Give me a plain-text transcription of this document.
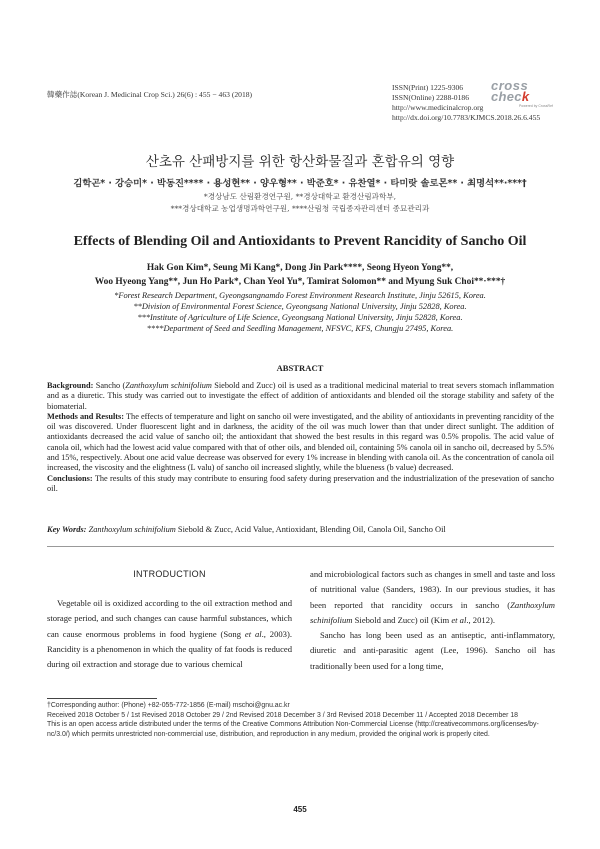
韓藥作誌(Korean J. Medicinal Crop Sci.) 26(6) : 455 − 463 (2018)
ISSN(Print) 1225-9306
ISSN(Online) 2288-0186
http://www.medicinalcrop.org
http://dx.doi.org/10.7783/KJMCS.2018.26.6.455
cross
check
Powered by CrossRef
산초유 산패방지를 위한 항산화물질과 혼합유의 영향
김학곤* · 강승미* · 박동진**** · 용성현** · 양우형** · 박준호* · 유찬열* · 타미랏 솔로몬** · 최명석**·***†
*경상남도 산림환경연구원, **경상대학교 환경산림과학부,
***경상대학교 농업생명과학연구원, ****산림청 국립종자관리센터 종묘관리과
Effects of Blending Oil and Antioxidants to Prevent Rancidity of Sancho Oil
Hak Gon Kim*, Seung Mi Kang*, Dong Jin Park****, Seong Hyeon Yong**,
Woo Hyeong Yang**, Jun Ho Park*, Chan Yeol Yu*, Tamirat Solomon** and Myung Suk Choi**·***†
*Forest Research Department, Gyeongsangnamdo Forest Environment Research Institute, Jinju 52615, Korea.
**Division of Environmental Forest Science, Gyeongsang National University, Jinju 52828, Korea.
***Institute of Agriculture of Life Science, Gyeongsang National University, Jinju 52828, Korea.
****Department of Seed and Seedling Management, NFSVC, KFS, Chungju 27495, Korea.
ABSTRACT

Background: Sancho (Zanthoxylum schinifolium Siebold and Zucc) oil is used as a traditional medicinal material to treat severs stomach inflammation and as a diuretic. This study was carried out to investigate the effect of addition of antioxidants and blended oil the storage stability and safety of the biomaterial.

Methods and Results: The effects of temperature and light on sancho oil were investigated, and the ability of antioxidants in preventing rancidity of the oil was discovered. Under fluorescent light and in darkness, the acidity of the oil was much lower than that under direct sunlight. The addition of antioxidants decreased the acid value of sancho oil; the antioxidant that showed the best results in this regard was 0.5% propolis. The acid value of canola oil, which had the lowest acid value compared with that of other oils, and blended oil, containing 5% canola oil in sancho oil, decreased by 5.5% and 15%, respectively. About one acid value decrease was observed for every 1% increase in blending with canola oil. As the concentration of canola oil increased, the viscosity and the elightness (L valu) of sancho oil increased slightly, while the blueness (b value) decreased.

Conclusions: The results of this study may contribute to ensuring food safety during preservation and the industrialization of the presevation of sancho oil.

Key Words: Zanthoxylum schinifolium Siebold & Zucc, Acid Value, Antioxidant, Blending Oil, Canola Oil, Sancho Oil
INTRODUCTION

Vegetable oil is oxidized according to the oil extraction method and storage period, and such changes can cause harmful substances, which can cause enormous problems in food hygiene (Song et al., 2003). Rancidity is a phenomenon in which the quality of fat foods is reduced during oil extraction and storage due to various chemical

and microbiological factors such as changes in smell and taste and loss of nutritional value (Sanders, 1983). In our previous studies, it has been reported that rancidity occurs in sancho (Zanthoxylum schinifolium Siebold and Zucc) oil (Kim et al., 2012).

Sancho has long been used as an antiseptic, anti-inflammatory, diuretic and anti-parasitic agent (Lee, 1996). Sancho oil has traditionally been used for a long time,

†Corresponding author: (Phone) +82-055-772-1856 (E-mail) mschoi@gnu.ac.kr

Received 2018 October 5 / 1st Revised 2018 October 29 / 2nd Revised 2018 December 3 / 3rd Revised 2018 December 11 / Accepted 2018 December 18

This is an open access article distributed under the terms of the Creative Commons Attribution Non-Commercial License (http://creativecommons.org/licenses/by-nc/3.0/) which permits unrestricted non-commercial use, distribution, and reproduction in any medium, provided the original work is properly cited.

455
